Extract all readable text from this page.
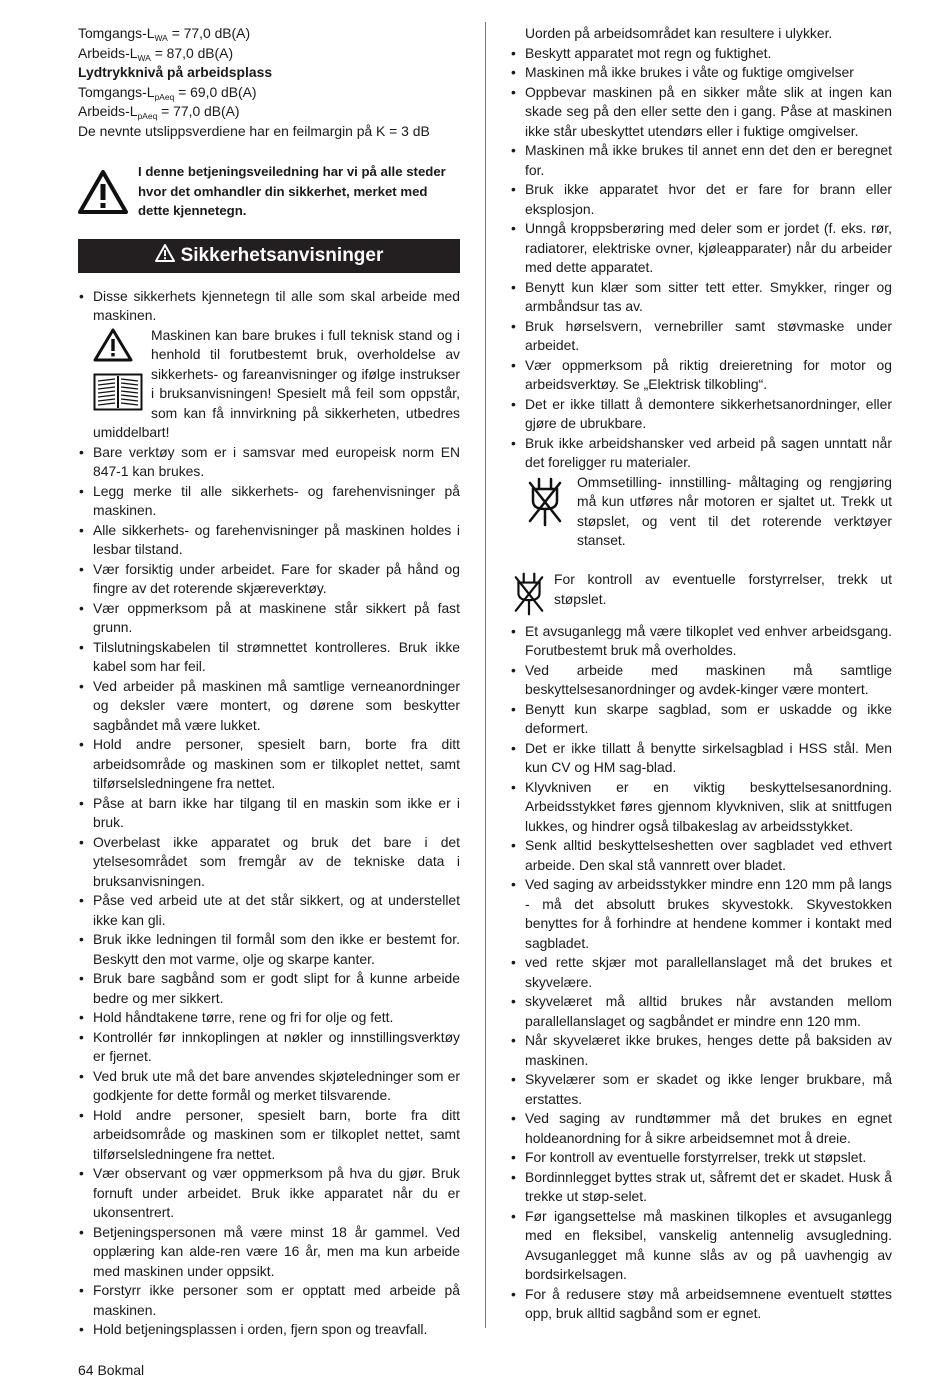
Tomgangs-$L_{WA} = 77,0$ dB(A)
Arbeids-$L_{WA} = 87,0$ dB(A)
Lydtrykknivå på arbeidsplass
Tomgangs-$L_{pAeq} = 69,0$ dB(A)
Arbeids-$L_{pAeq} = 77,0$ dB(A)
De nevnte utslippsverdiene har en feilmargin på K = 3 dB
I denne betjeningsveiledning har vi på alle steder hvor det omhandler din sikkerhet, merket med dette kjennetegn.
Sikkerhetsanvisninger
• Disse sikkerhets kjennetegn til alle som skal arbeide med maskinen.

Maskinen kan bare brukes i full teknisk stand og i henhold til forutbestemt bruk, overholdelse av sikkerhets- og fareanvisninger og ifølge instrukser i bruksanvisningen! Spesielt må feil som oppstår, som kan få innvirkning på sikkerheten, utbedres umiddelbart!

• Bare verktøy som er i samsvar med europeisk norm EN 847-1 kan brukes.
• Legg merke til alle sikkerhets- og farehenvisninger på maskinen.
• Alle sikkerhets- og farehenvisninger på maskinen holdes i lesbar tilstand.
• Vær forsiktig under arbeidet. Fare for skader på hånd og fingre av det roterende skjæreverktøy.
• Vær oppmerksom på at maskinene står sikkert på fast grunn.
• Tilslutningskabelen til strømnettet kontrolleres. Bruk ikke kabel som har feil.
• Ved arbeider på maskinen må samtlige verneanordninger og deksler være montert, og dørene som beskytter sagbåndet må være lukket.
• Hold andre personer, spesielt barn, borte fra ditt arbeidsområde og maskinen som er tilkoplet nettet, samt tilførselsledningene fra nettet.
• Påse at barn ikke har tilgang til en maskin som ikke er i bruk.
• Overbelast ikke apparatet og bruk det bare i det ytelsesområdet som fremgår av de tekniske data i bruksanvisningen.
• Påse ved arbeid ute at det står sikkert, og at understellet ikke kan gli.
• Bruk ikke ledningen til formål som den ikke er bestemt for. Beskytt den mot varme, olje og skarpe kanter.
• Bruk bare sagbånd som er godt slipt for å kunne arbeide bedre og mer sikkert.
• Hold håndtakene tørre, rene og fri for olje og fett.
• Kontrollér før innkoplingen at nøkler og innstillingsverktøy er fjernet.
• Ved bruk ute må det bare anvendes skjøteledninger som er godkjente for dette formål og merket tilsvarende.
• Hold andre personer, spesielt barn, borte fra ditt arbeidsområde og maskinen som er tilkoplet nettet, samt tilførselsledningene fra nettet.
• Vær observant og vær oppmerksom på hva du gjør. Bruk fornuft under arbeidet. Bruk ikke apparatet når du er ukonsentrert.
• Betjeningspersonen må være minst 18 år gammel. Ved opplæring kan alde-ren være 16 år, men ma kun arbeide med maskinen under oppsikt.
• Forstyrr ikke personer som er opptatt med arbeide på maskinen.
• Hold betjeningsplassen i orden, fjern spon og treavfall.

Uorden på arbeidsområdet kan resultere i ulykker.

• Beskytt apparatet mot regn og fuktighet.
• Maskinen må ikke brukes i våte og fuktige omgivelser
• Oppbevar maskinen på en sikker måte slik at ingen kan skade seg på den eller sette den i gang. Påse at maskinen ikke står ubeskyttet utendørs eller i fuktige omgivelser.
• Maskinen må ikke brukes til annet enn det den er beregnet for.
• Bruk ikke apparatet hvor det er fare for brann eller eksplosjon.
• Unngå kroppsberøring med deler som er jordet (f. eks. rør, radiatorer, elektriske ovner, kjøleapparater) når du arbeider med dette apparatet.
• Benytt kun klær som sitter tett etter. Smykker, ringer og armbåndsur tas av.
• Bruk hørselsvern, vernebriller samt støvmaske under arbeidet.
• Vær oppmerksom på riktig dreieretning for motor og arbeidsverktøy. Se „Elektrisk tilkobling“.
• Det er ikke tillatt å demontere sikkerhetsanordninger, eller gjøre de ubrukbare.
• Bruk ikke arbeidshansker ved arbeid på sagen unntatt når det foreligger ru materialer.

Ommsetilling- innstilling- måltaging og rengjøring må kun utføres når motoren er sjaltet ut. Trekk ut støpslet, og vent til det roterende verktøyer stanset.

For kontroll av eventuelle forstyrrelser, trekk ut støpslet.

• Et avsuganlegg må være tilkoplet ved enhver arbeidsgang. Forutbestemt bruk må overholdes.
• Ved arbeide med maskinen må samtlige beskyttelsesanordninger og avdek-kinger være montert.
• Benytt kun skarpe sagblad, som er uskadde og ikke deformert.
• Det er ikke tillatt å benytte sirkelsagblad i HSS stål. Men kun CV og HM sag-blad.
• Klyvkniven er en viktig beskyttelsesanordning. Arbeidsstykket føres gjennom klyvkniven, slik at snittfugen lukkes, og hindrer også tilbakeslag av arbeidsstykket.
• Senk alltid beskyttelseshetten over sagbladet ved ethvert arbeide. Den skal stå vannrett over bladet.
• Ved saging av arbeidsstykker mindre enn 120 mm på langs - må det absolutt brukes skyvestokk. Skyvestokken benyttes for å forhindre at hendene kommer i kontakt med sagbladet.
• ved rette skjær mot parallellanslaget må det brukes et skyvelære.
• skyvelæret må alltid brukes når avstanden mellom parallellanslaget og sagbåndet er mindre enn 120 mm.
• Når skyvelæret ikke brukes, henges dette på baksiden av maskinen.
• Skyvelærer som er skadet og ikke lenger brukbare, må erstattes.
• Ved saging av rundtømmer må det brukes en egnet holdeanordning for å sikre arbeidsemnet mot å dreie.
• For kontroll av eventuelle forstyrrelser, trekk ut støpslet.
• Bordinnlegget byttes strak ut, såfremt det er skadet. Husk å trekke ut støp-selet.
• Før igangsettelse må maskinen tilkoples et avsuganlegg med en fleksibel, vanskelig antennelig avsugledning. Avsuganlegget må kunne slås av og på uavhengig av bordsirkelsagen.
• For å redusere støy må arbeidsemnene eventuelt støttes opp, bruk alltid sagbånd som er egnet.
64 Bokmal
